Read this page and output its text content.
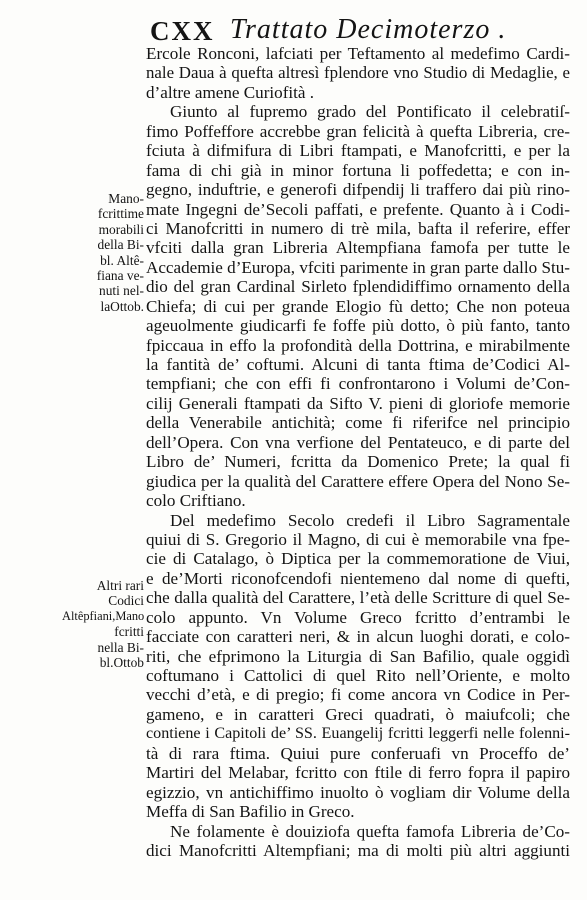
CXX Trattato Decimoterzo .
Mano-
fcrittime
morabili
della Bi-
bl. Altê-
fiana ve-
nuti nel-
laOttob.
Altri rari
Codici
Altêpfiani,Mano
fcritti
nella Bi-
bl.Ottob
Ercole Ronconi, lafciati per Teftamento al medefimo Cardi-
nale Daua à quefta altresì fplendore vno Studio di Medaglie, e
d’altre amene Curiofità .
Giunto al fupremo grado del Pontificato il celebratiſ-
fimo Poffeffore accrebbe gran felicità à quefta Libreria, cre-
fciuta à difmifura di Libri ftampati, e Manofcritti, e per la
fama di chi già in minor fortuna li poffedetta; e con in-
gegno, induftrie, e generofi difpendij li traffero dai più rino-
mate Ingegni de’Secoli paffati, e prefente. Quanto à i Codi-
ci Manofcritti in numero di trè mila, bafta il referire, effer
vfciti dalla gran Libreria Altempfiana famofa per tutte le
Accademie d’Europa, vfciti parimente in gran parte dallo Stu-
dio del gran Cardinal Sirleto fplendidiffimo ornamento della
Chiefa; di cui per grande Elogio fù detto; Che non poteua
ageuolmente giudicarfi fe foffe più dotto, ò più fanto, tanto
fpiccaua in effo la profondità della Dottrina, e mirabilmente
la fantità de’ coftumi. Alcuni di tanta ftima de’Codici Al-
tempfiani; che con effi fi confrontarono i Volumi de’Con-
cilij Generali ftampati da Sifto V. pieni di gloriofe memorie
della Venerabile antichità; come fi riferifce nel principio
dell’Opera. Con vna verfione del Pentateuco, e di parte del
Libro de’ Numeri, fcritta da Domenico Prete; la qual fi
giudica per la qualità del Carattere effere Opera del Nono Se-
colo Criftiano.
Del medefimo Secolo credefi il Libro Sagramentale
quiui di S. Gregorio il Magno, di cui è memorabile vna fpe-
cie di Catalago, ò Diptica per la commemoratione de Viui,
e de’Morti riconofcendofi nientemeno dal nome di quefti,
che dalla qualità del Carattere, l’età delle Scritture di quel Se-
colo appunto. Vn Volume Greco fcritto d’entrambi le
facciate con caratteri neri, & in alcun luoghi dorati, e colo-
riti, che efprimono la Liturgia di San Bafilio, quale oggidì
coftumano i Cattolici di quel Rito nell’Oriente, e molto
vecchi d’età, e di pregio; fi come ancora vn Codice in Per-
gameno, e in caratteri Greci quadrati, ò maiufcoli; che
contiene i Capitoli de’ SS. Euangelij fcritti leggerfi nelle folenni-
tà di rara ftima. Quiui pure conferuafi vn Proceffo de’
Martiri del Melabar, fcritto con ftile di ferro fopra il papiro
egizzio, vn antichiffimo inuolto ò vogliam dir Volume della
Meffa di San Bafilio in Greco.
Ne folamente è douiziofa quefta famofa Libreria de’Co-
dici Manofcritti Altempfiani; ma di molti più altri aggiunti
